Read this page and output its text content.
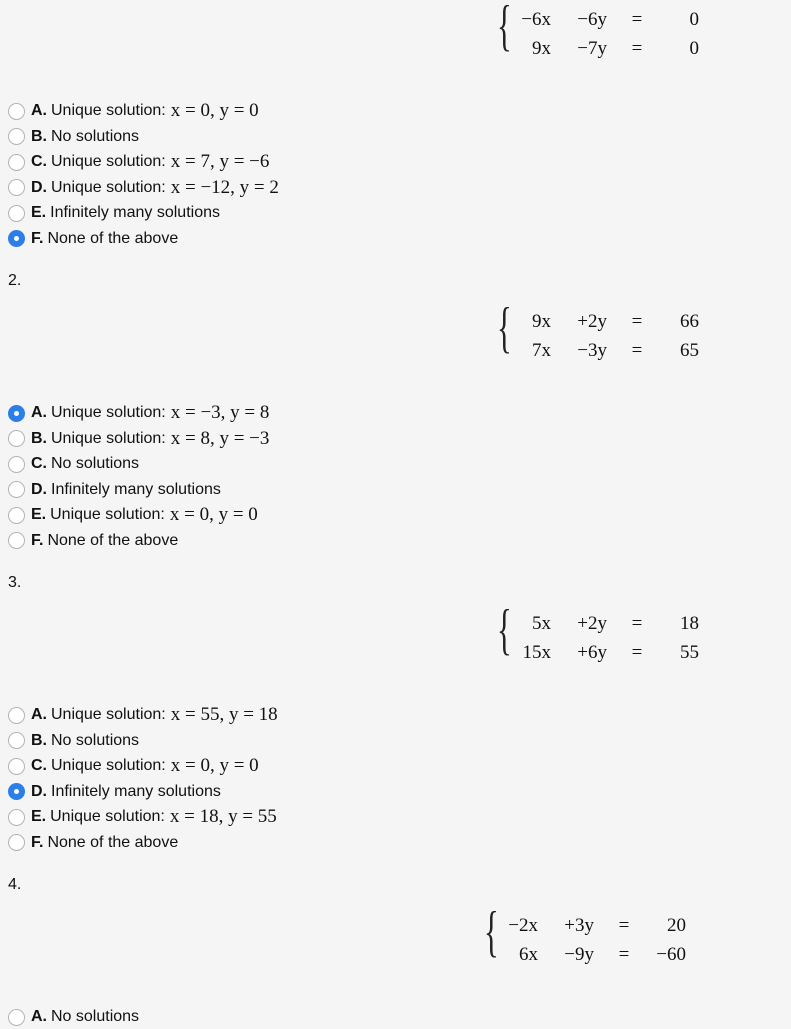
{ −6x	−6y =	0
9x	−7y =	0
A. Unique solution: x = 0, y = 0
B. No solutions
C. Unique solution: x = 7, y = −6
D. Unique solution: x = −12, y = 2
E. Infinitely many solutions
F. None of the above
2.
{	9x	+2y =	66
7x	−3y =	65
A. Unique solution: x = −3, y = 8
B. Unique solution: x = 8, y = −3
C. No solutions
D. Infinitely many solutions
E. Unique solution: x = 0, y = 0
F. None of the above
3.
{	5x	+2y =	18
15x	+6y =	55
A. Unique solution: x = 55, y = 18
B. No solutions
C. Unique solution: x = 0, y = 0
D. Infinitely many solutions
E. Unique solution: x = 18, y = 55
F. None of the above
4.
{ −2x	+3y =	20
6x	−9y =	−60
A. No solutions
